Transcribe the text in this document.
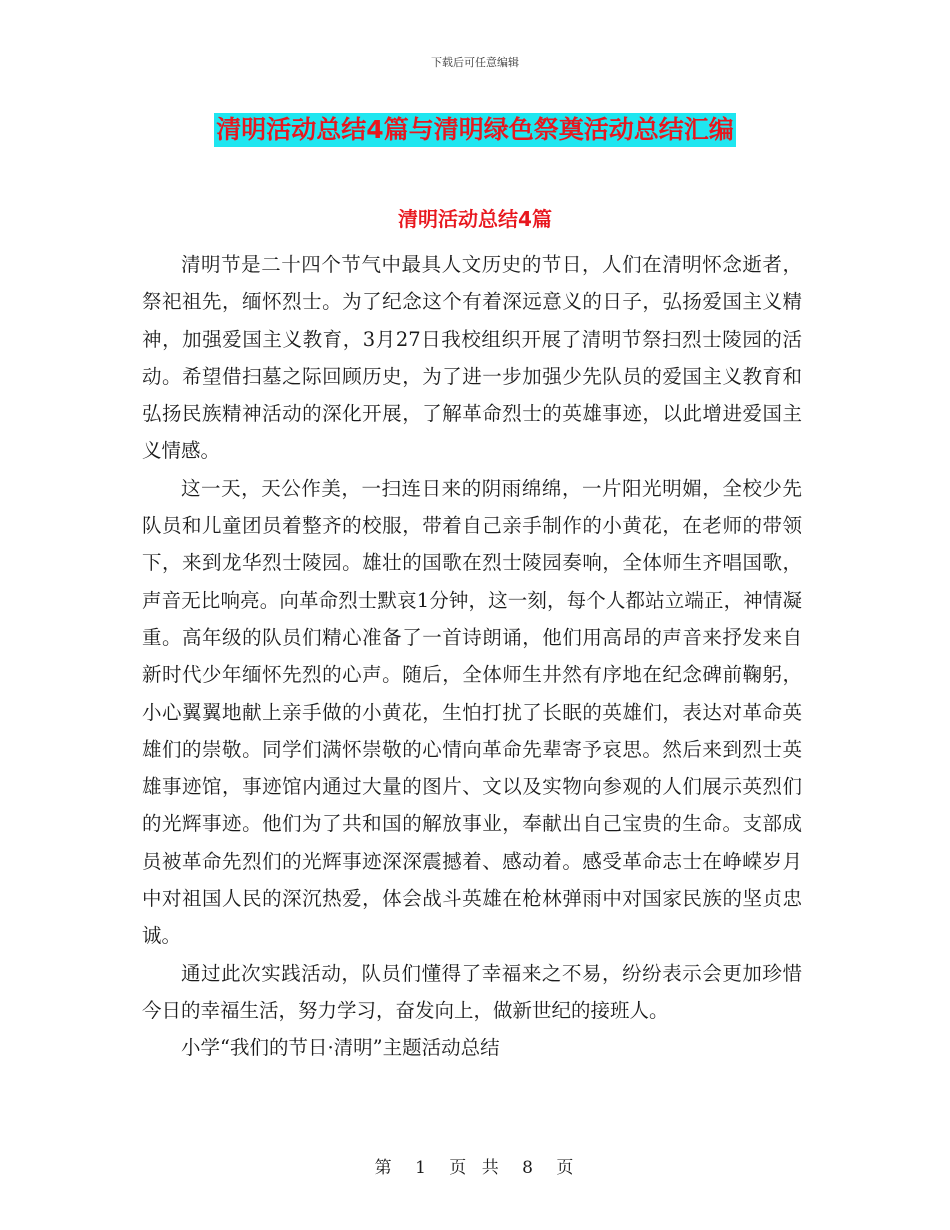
下载后可任意编辑
清明活动总结4篇与清明绿色祭奠活动总结汇编
清明活动总结4篇

清明节是二十四个节气中最具人文历史的节日，人们在清明怀念逝者，祭祀祖先，缅怀烈士。为了纪念这个有着深远意义的日子，弘扬爱国主义精神，加强爱国主义教育，3月27日我校组织开展了清明节祭扫烈士陵园的活动。希望借扫墓之际回顾历史，为了进一步加强少先队员的爱国主义教育和弘扬民族精神活动的深化开展，了解革命烈士的英雄事迹，以此增进爱国主义情感。

这一天，天公作美，一扫连日来的阴雨绵绵，一片阳光明媚，全校少先队员和儿童团员着整齐的校服，带着自己亲手制作的小黄花，在老师的带领下，来到龙华烈士陵园。雄壮的国歌在烈士陵园奏响，全体师生齐唱国歌，声音无比响亮。向革命烈士默哀1分钟，这一刻，每个人都站立端正，神情凝重。高年级的队员们精心准备了一首诗朗诵，他们用高昂的声音来抒发来自新时代少年缅怀先烈的心声。随后，全体师生井然有序地在纪念碑前鞠躬，小心翼翼地献上亲手做的小黄花，生怕打扰了长眠的英雄们，表达对革命英雄们的崇敬。同学们满怀崇敬的心情向革命先辈寄予哀思。然后来到烈士英雄事迹馆，事迹馆内通过大量的图片、文以及实物向参观的人们展示英烈们的光辉事迹。他们为了共和国的解放事业，奉献出自己宝贵的生命。支部成员被革命先烈们的光辉事迹深深震撼着、感动着。感受革命志士在峥嵘岁月中对祖国人民的深沉热爱，体会战斗英雄在枪林弹雨中对国家民族的坚贞忠诚。

通过此次实践活动，队员们懂得了幸福来之不易，纷纷表示会更加珍惜今日的幸福生活，努力学习，奋发向上，做新世纪的接班人。

小学“我们的节日·清明”主题活动总结

第 1 页 共 8 页
